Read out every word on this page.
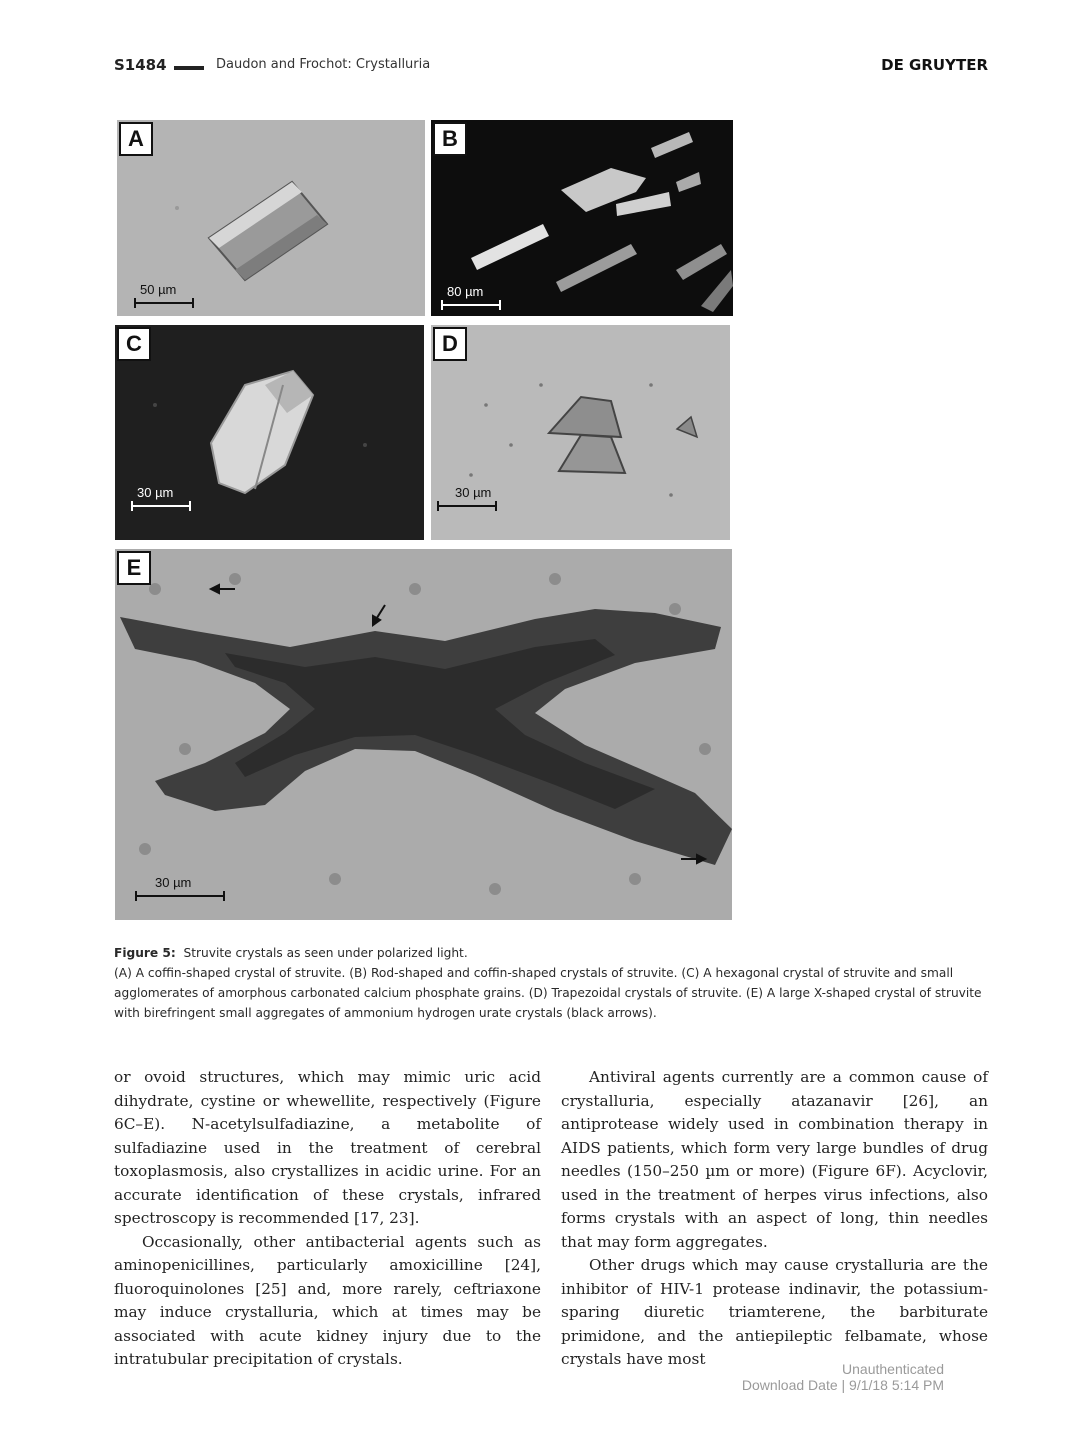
S1484	Daudon and Frochot: Crystalluria	DE GRUYTER
A
50 µm
B
80 µm
C
30 µm
D
30 µm
E
30 µm

Figure 5: Struvite crystals as seen under polarized light.

(A) A coffin-shaped crystal of struvite. (B) Rod-shaped and coffin-shaped crystals of struvite. (C) A hexagonal crystal of struvite and small agglomerates of amorphous carbonated calcium phosphate grains. (D) Trapezoidal crystals of struvite. (E) A large X-shaped crystal of struvite with birefringent small aggregates of ammonium hydrogen urate crystals (black arrows).

or ovoid structures, which may mimic uric acid dihydrate, cystine or whewellite, respectively (Figure 6C–E). N-acetylsulfadiazine, a metabolite of sulfadiazine used in the treatment of cerebral toxoplasmosis, also crystallizes in acidic urine. For an accurate identification of these crystals, infrared spectroscopy is recommended [17, 23].

Occasionally, other antibacterial agents such as aminopenicillines, particularly amoxicilline [24], fluoroquinolones [25] and, more rarely, ceftriaxone may induce crystalluria, which at times may be associated with acute kidney injury due to the intratubular precipitation of crystals.

Antiviral agents currently are a common cause of crystalluria, especially atazanavir [26], an antiprotease widely used in combination therapy in AIDS patients, which form very large bundles of drug needles (150–250 µm or more) (Figure 6F). Acyclovir, used in the treatment of herpes virus infections, also forms crystals with an aspect of long, thin needles that may form aggregates.

Other drugs which may cause crystalluria are the inhibitor of HIV-1 protease indinavir, the potassium-sparing diuretic triamterene, the barbiturate primidone, and the antiepileptic felbamate, whose crystals have most

Unauthenticated
Download Date | 9/1/18 5:14 PM
